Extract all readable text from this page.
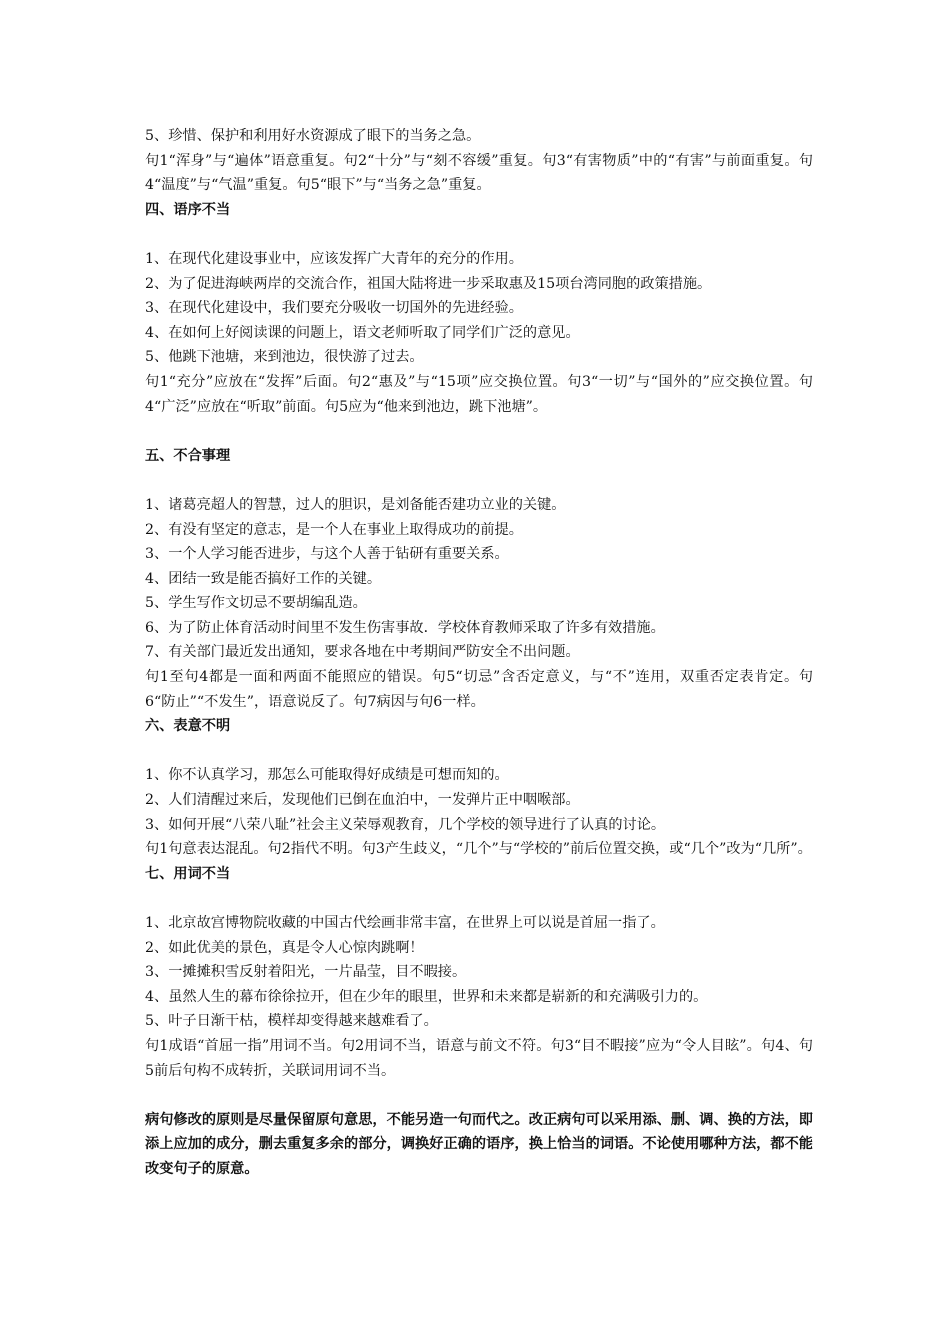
5、珍惜、保护和利用好水资源成了眼下的当务之急。
句1“浑身”与“遍体”语意重复。句2“十分”与“刻不容缓”重复。句3“有害物质”中的“有害”与前面重复。句4“温度”与“气温”重复。句5“眼下”与“当务之急”重复。
四、语序不当
1、在现代化建设事业中，应该发挥广大青年的充分的作用。
2、为了促进海峡两岸的交流合作，祖国大陆将进一步采取惠及15项台湾同胞的政策措施。
3、在现代化建设中，我们要充分吸收一切国外的先进经验。
4、在如何上好阅读课的问题上，语文老师听取了同学们广泛的意见。
5、他跳下池塘，来到池边，很快游了过去。
句1“充分”应放在“发挥”后面。句2“惠及”与“15项”应交换位置。句3“一切”与“国外的”应交换位置。句4“广泛”应放在“听取”前面。句5应为“他来到池边，跳下池塘”。
五、不合事理
1、诸葛亮超人的智慧，过人的胆识，是刘备能否建功立业的关键。
2、有没有坚定的意志，是一个人在事业上取得成功的前提。
3、一个人学习能否进步，与这个人善于钻研有重要关系。
4、团结一致是能否搞好工作的关键。
5、学生写作文切忌不要胡编乱造。
6、为了防止体育活动时间里不发生伤害事故．学校体育教师采取了许多有效措施。
7、有关部门最近发出通知，要求各地在中考期间严防安全不出问题。
句1至句4都是一面和两面不能照应的错误。句5“切忌”含否定意义，与“不”连用，双重否定表肯定。句6“防止”“不发生”，语意说反了。句7病因与句6一样。
六、表意不明
1、你不认真学习，那怎么可能取得好成绩是可想而知的。
2、人们清醒过来后，发现他们已倒在血泊中，一发弹片正中咽喉部。
3、如何开展“八荣八耻”社会主义荣辱观教育，几个学校的领导进行了认真的讨论。
句1句意表达混乱。句2指代不明。句3产生歧义，“几个”与“学校的”前后位置交换，或“几个”改为“几所”。
七、用词不当
1、北京故宫博物院收藏的中国古代绘画非常丰富，在世界上可以说是首屈一指了。
2、如此优美的景色，真是令人心惊肉跳啊！
3、一摊摊积雪反射着阳光，一片晶莹，目不暇接。
4、虽然人生的幕布徐徐拉开，但在少年的眼里，世界和未来都是崭新的和充满吸引力的。
5、叶子日渐干枯，模样却变得越来越难看了。
句1成语“首屈一指”用词不当。句2用词不当，语意与前文不符。句3“目不暇接”应为“令人目眩”。句4、句5前后句构不成转折，关联词用词不当。
病句修改的原则是尽量保留原句意思，不能另造一句而代之。改正病句可以采用添、删、调、换的方法，即添上应加的成分，删去重复多余的部分，调换好正确的语序，换上恰当的词语。不论使用哪种方法，都不能改变句子的原意。
